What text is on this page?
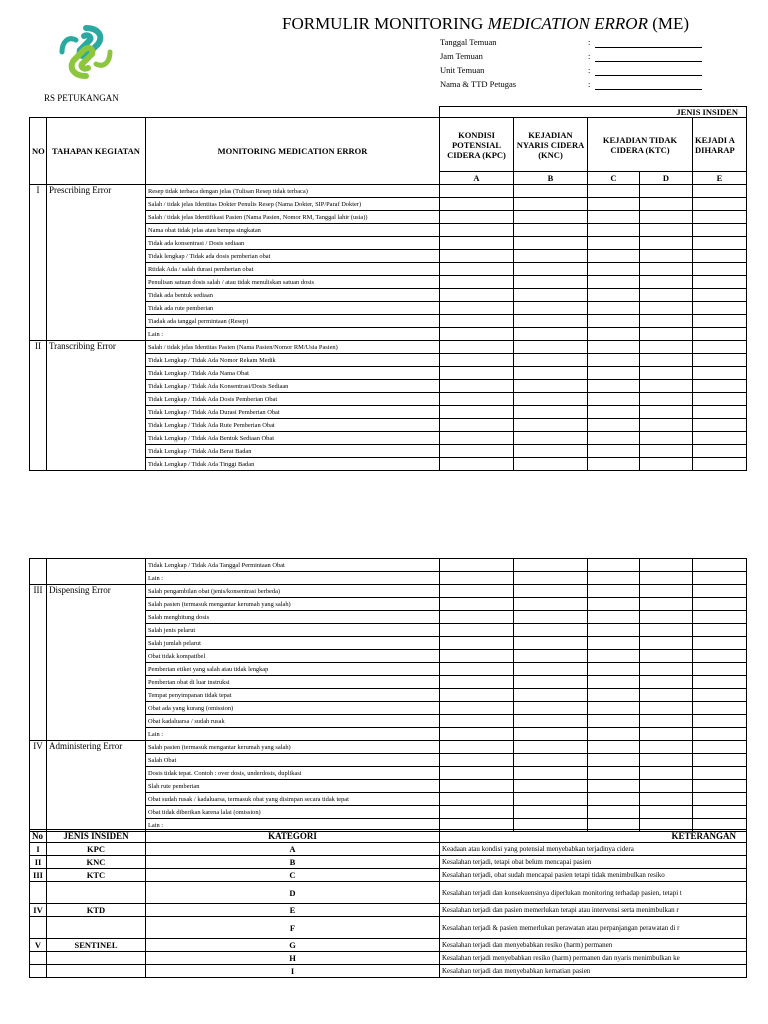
RS PETUKANGAN
FORMULIR MONITORING MEDICATION ERROR (ME)
Tanggal Temuan	:
Jam Temuan	:
Unit Temuan	:
Nama & TTD Petugas	:
			JENIS INSIDEN				
NO	TAHAPAN KEGIATAN	MONITORING MEDICATION ERROR	KONDISI POTENSIAL CIDERA (KPC)	KEJADIAN NYARIS CIDERA (KNC)	KEJADIAN TIDAK CIDERA (KTC)		KEJADI A DIHARAP
			A	B	C	D	E
I	Prescribing Error	Resep tidak terbaca dengan jelas (Tulisan Resep tidak terbaca)					
		Salah / tidak jelas Identitas Dokter Penulis Resep (Nama Dokter, SIP/Paraf Dokter)					
		Salah / tidak jelas Identifikasi Pasien (Nama Pasien, Nomor RM, Tanggal lahir (usia))					
		Nama obat tidak jelas atau berupa singkatan					
		Tidak ada konsentrasi / Dosis sediaan					
		Tidak lengkap / Tidak ada dosis pemberian obat					
		Rtidak Ada / salah durasi pemberian obat					
		Penulisan satuan dosis salah / atau tidak menuliskan satuan dosis					
		Tidak ada bentuk sediaan					
		Tidak ada rute pemberian					
		Tiadak ada tanggal permintaan (Resep)					
		Lain :					
II	Transcribing Error	Salah / tidak jelas Identitas Pasien (Nama Pasien/Nomor RM/Usia Pasien)					
		Tidak Lengkap / Tidak Ada Nomor Rekam Medik					
		Tidak Lengkap / Tidak Ada Nama Obat					
		Tidak Lengkap / Tidak Ada Konsentrasi/Dosis Sediaan					
		Tidak Lengkap / Tidak Ada Dosis Pemberian Obat					
		Tidak Lengkap / Tidak Ada Durasi Pemberian Obat					
		Tidak Lengkap / Tidak Ada Rute Pemberian Obat					
		Tidak Lengkap / Tidak Ada Bentuk Sediaan Obat					
		Tidak Lengkap / Tidak Ada Berat Badan					
		Tidak Lengkap / Tidak Ada Tinggi Badan					
		Tidak Lengkap / Tidak Ada Tanggal Permintaan Obat					
		Lain :					
III	Dispensing Error	Salah pengambilan obat (jenis/konsentrasi berbeda)					
		Salah pasien (termasuk mengantar kerumah yang salah)					
		Salah menghitung dosis					
		Salah jenis pelarut					
		Salah jumlah pelarut					
		Obat tidak kompatibel					
		Pemberian etiket yang salah atau tidak lengkap					
		Pemberian obat di luar instruksi					
		Tempat penyimpanan tidak tepat					
		Obat ada yang kurang (omission)					
		Obat kadaluarsa / sudah rusak					
		Lain :					
IV	Administering Error	Salah pasien (termasuk mengantar kerumah yang salah)					
		Salah Obat					
		Dosis tidak tepat. Contoh : over dosis, underdosis, duplikasi					
		Slah rute pemberian					
		Obat sudah rusak / kadaluarsa, termasuk obat yang disimpan secara tidak tepat					
		Obat tidak diberikan karena lalai (omission)					
		Lain :					
No	JENIS INSIDEN	KATEGORI	KETERANGAN
I	KPC	A	Keadaan atau kondisi yang potensial menyebabkan terjadinya cidera
II	KNC	B	Kesalahan terjadi, tetapi obat belum mencapai pasien
III	KTC	C	Kesalahan terjadi, obat sudah mencapai pasien tetapi tidak menimbulkan resiko
		D	Kesalahan terjadi dan konsekuensinya diperlukan monitoring terhadap pasien, tetapi t
IV	KTD	E	Kesalahan terjadi dan pasien memerlukan terapi atau intervensi serta menimbulkan r
		F	Kesalahan terjadi & pasien memerlukan perawatan atau perpanjangan perawatan di r
V	SENTINEL	G	Kesalahan terjadi dan menyebabkan resiko (harm) permanen
		H	Kesalahan terjadi menyebabkan resiko (harm) permanen dan nyaris menimbulkan ke
		I	Kesalahan terjadi dan menyebabkan kematian pasien
